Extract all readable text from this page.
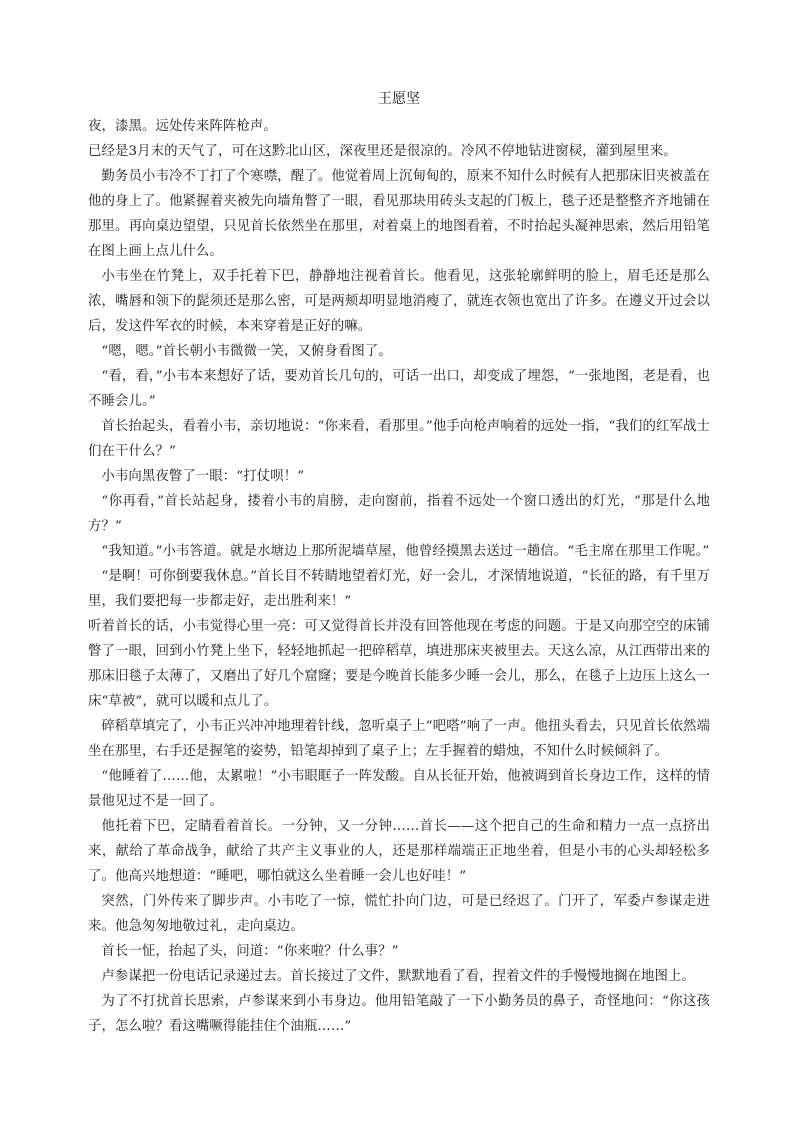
王愿坚

夜，漆黑。远处传来阵阵枪声。

已经是3月末的天气了，可在这黔北山区，深夜里还是很凉的。冷风不停地钻进窗棂，灌到屋里来。

勤务员小韦冷不丁打了个寒噤，醒了。他觉着周上沉甸甸的，原来不知什么时候有人把那床旧夹被盖在他的身上了。他紧握着夹被先向墙角瞥了一眼，看见那块用砖头支起的门板上，毯子还是整整齐齐地铺在那里。再向桌边望望，只见首长依然坐在那里，对着桌上的地图看着，不时抬起头凝神思索，然后用铅笔在图上画上点儿什么。

小韦坐在竹凳上，双手托着下巴，静静地注视着首长。他看见，这张轮廓鲜明的脸上，眉毛还是那么浓，嘴唇和领下的髭须还是那么密，可是两颊却明显地消瘦了，就连衣领也宽出了许多。在遵义开过会以后，发这件军衣的时候，本来穿着是正好的嘛。

“嗯，嗯。”首长朝小韦微微一笑，又俯身看图了。

“看，看，”小韦本来想好了话，要劝首长几句的，可话一出口，却变成了埋怨，“一张地图，老是看，也不睡会儿。”

首长抬起头，看着小韦，亲切地说：“你来看，看那里。”他手向枪声响着的远处一指，“我们的红军战士们在干什么？”

小韦向黑夜瞥了一眼：“打仗呗！”

“你再看，”首长站起身，搂着小韦的肩膀，走向窗前，指着不远处一个窗口透出的灯光，“那是什么地方？”

“我知道。”小韦答道。就是水塘边上那所泥墙草屋，他曾经摸黑去送过一趟信。“毛主席在那里工作呢。”

“是啊！可你倒要我休息。”首长目不转睛地望着灯光，好一会儿，才深情地说道，“长征的路，有千里万里，我们要把每一步都走好，走出胜利来！”

听着首长的话，小韦觉得心里一亮：可又觉得首长并没有回答他现在考虑的问题。于是又向那空空的床铺瞥了一眼，回到小竹凳上坐下，轻轻地抓起一把碎稻草，填进那床夹被里去。天这么凉，从江西带出来的那床旧毯子太薄了，又磨出了好几个窟窿；要是今晚首长能多少睡一会儿，那么，在毯子上边压上这么一床“草被”，就可以暖和点儿了。

碎稻草填完了，小韦正兴冲冲地理着针线，忽听桌子上“吧嗒”响了一声。他扭头看去，只见首长依然端坐在那里，右手还是握笔的姿势，铅笔却掉到了桌子上；左手握着的蜡烛，不知什么时候倾斜了。

“他睡着了……他，太累啦！”小韦眼眶子一阵发酸。自从长征开始，他被调到首长身边工作，这样的情景他见过不是一回了。

他托着下巴，定睛看着首长。一分钟，又一分钟……首长——这个把自己的生命和精力一点一点挤出来，献给了革命战争，献给了共产主义事业的人，还是那样端端正正地坐着，但是小韦的心头却轻松多了。他高兴地想道：“睡吧，哪怕就这么坐着睡一会儿也好哇！”

突然，门外传来了脚步声。小韦吃了一惊，慌忙扑向门边，可是已经迟了。门开了，军委卢参谋走进来。他急匆匆地敬过礼，走向桌边。

首长一怔，抬起了头，问道：“你来啦？什么事？”

卢参谋把一份电话记录递过去。首长接过了文件，默默地看了看，捏着文件的手慢慢地搁在地图上。

为了不打扰首长思索，卢参谋来到小韦身边。他用铅笔敲了一下小勤务员的鼻子，奇怪地问：“你这孩子，怎么啦？看这嘴噘得能挂住个油瓶……”
